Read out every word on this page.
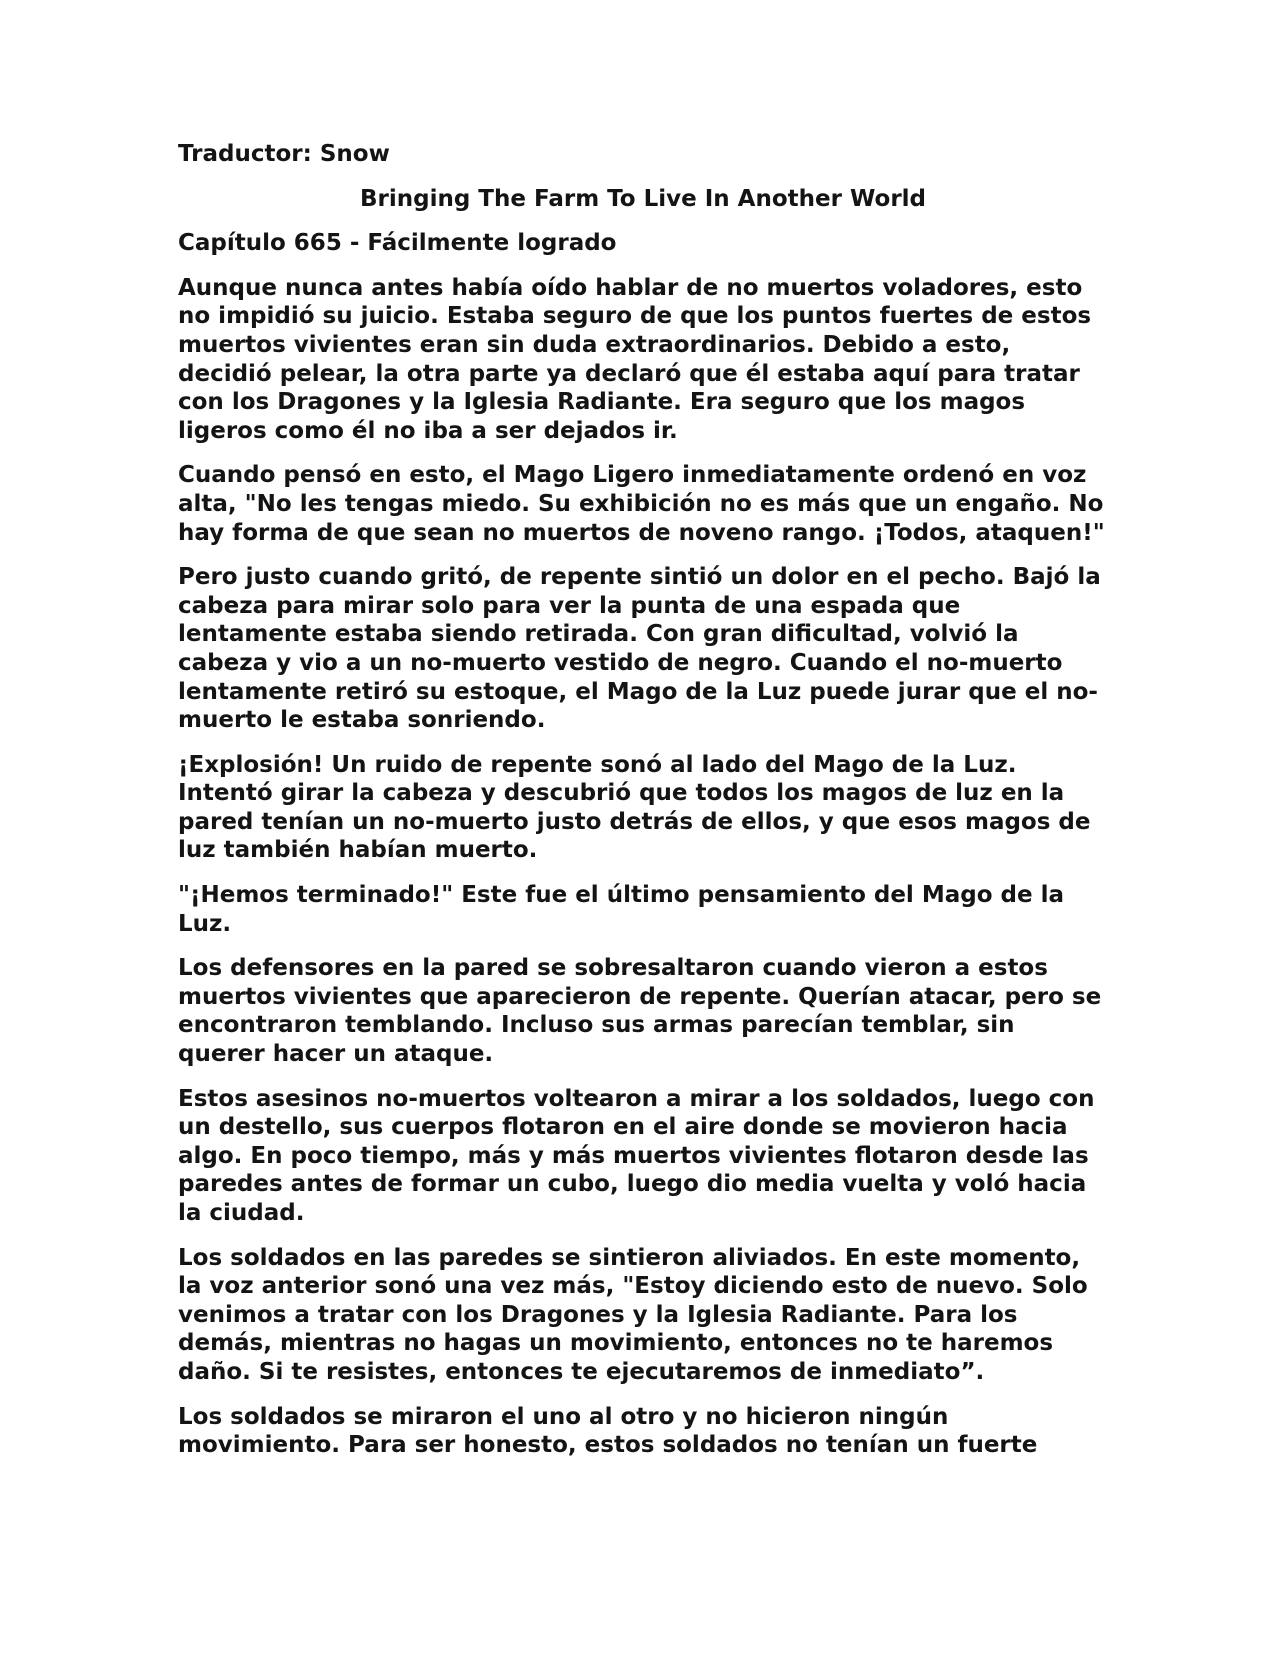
Traductor: Snow
Bringing The Farm To Live In Another World
Capítulo 665 - Fácilmente logrado

Aunque nunca antes había oído hablar de no muertos voladores, esto no impidió su juicio. Estaba seguro de que los puntos fuertes de estos muertos vivientes eran sin duda extraordinarios. Debido a esto, decidió pelear, la otra parte ya declaró que él estaba aquí para tratar con los Dragones y la Iglesia Radiante. Era seguro que los magos ligeros como él no iba a ser dejados ir.

Cuando pensó en esto, el Mago Ligero inmediatamente ordenó en voz alta, "No les tengas miedo. Su exhibición no es más que un engaño. No hay forma de que sean no muertos de noveno rango. ¡Todos, ataquen!"

Pero justo cuando gritó, de repente sintió un dolor en el pecho. Bajó la cabeza para mirar solo para ver la punta de una espada que lentamente estaba siendo retirada. Con gran dificultad, volvió la cabeza y vio a un no-muerto vestido de negro. Cuando el no-muerto lentamente retiró su estoque, el Mago de la Luz puede jurar que el no-muerto le estaba sonriendo.

¡Explosión! Un ruido de repente sonó al lado del Mago de la Luz. Intentó girar la cabeza y descubrió que todos los magos de luz en la pared tenían un no-muerto justo detrás de ellos, y que esos magos de luz también habían muerto.

"¡Hemos terminado!" Este fue el último pensamiento del Mago de la Luz.

Los defensores en la pared se sobresaltaron cuando vieron a estos muertos vivientes que aparecieron de repente. Querían atacar, pero se encontraron temblando. Incluso sus armas parecían temblar, sin querer hacer un ataque.

Estos asesinos no-muertos voltearon a mirar a los soldados, luego con un destello, sus cuerpos flotaron en el aire donde se movieron hacia algo. En poco tiempo, más y más muertos vivientes flotaron desde las paredes antes de formar un cubo, luego dio media vuelta y voló hacia la ciudad.

Los soldados en las paredes se sintieron aliviados. En este momento, la voz anterior sonó una vez más, "Estoy diciendo esto de nuevo. Solo venimos a tratar con los Dragones y la Iglesia Radiante. Para los demás, mientras no hagas un movimiento, entonces no te haremos daño. Si te resistes, entonces te ejecutaremos de inmediato”.

Los soldados se miraron el uno al otro y no hicieron ningún movimiento. Para ser honesto, estos soldados no tenían un fuerte
